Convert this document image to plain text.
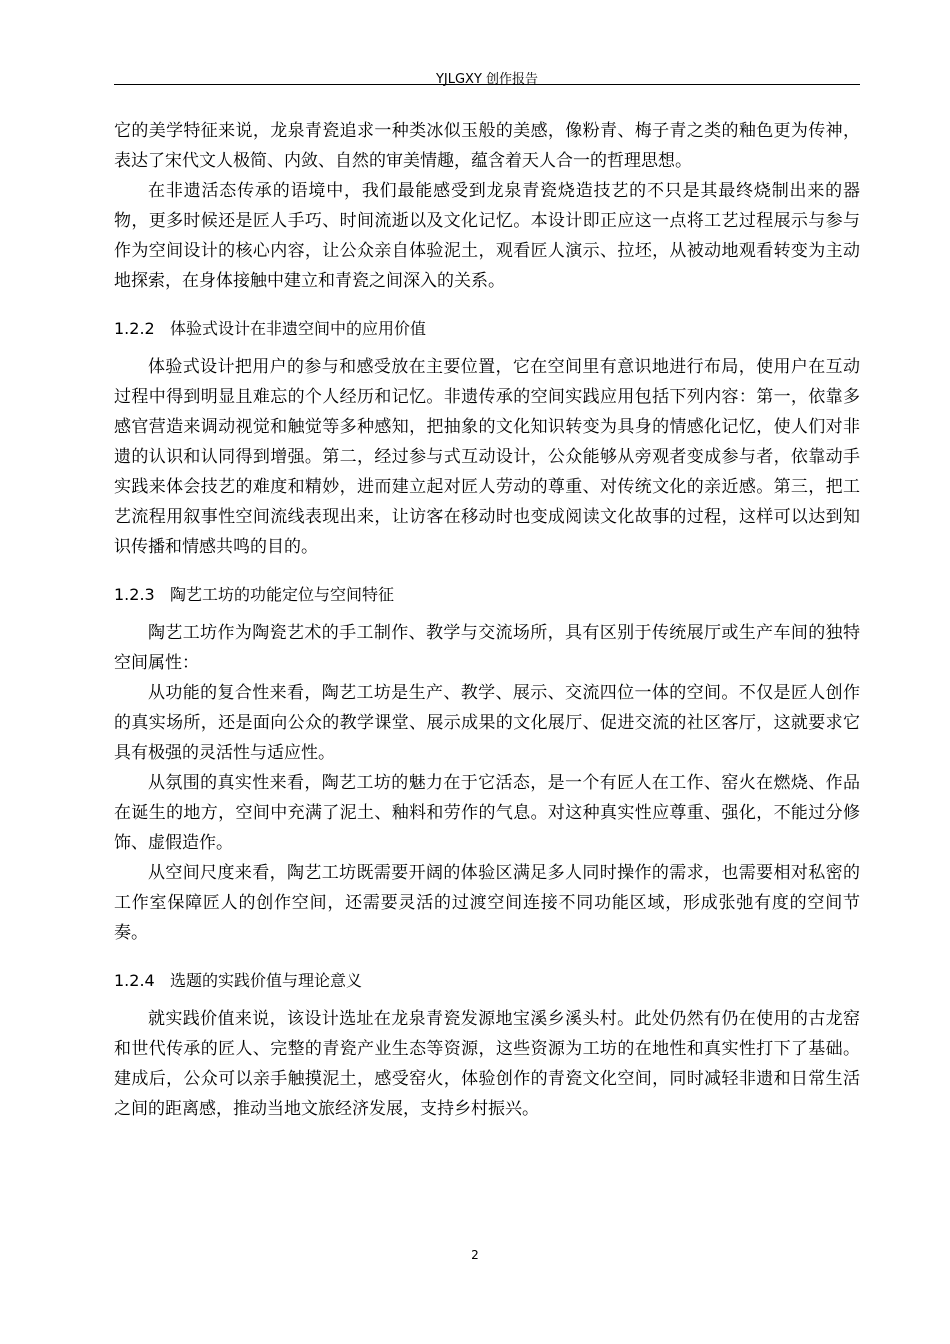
YJLGXY 创作报告

它的美学特征来说，龙泉青瓷追求一种类冰似玉般的美感，像粉青、梅子青之类的釉色更为传神，表达了宋代文人极简、内敛、自然的审美情趣，蕴含着天人合一的哲理思想。

在非遗活态传承的语境中，我们最能感受到龙泉青瓷烧造技艺的不只是其最终烧制出来的器物，更多时候还是匠人手巧、时间流逝以及文化记忆。本设计即正应这一点将工艺过程展示与参与作为空间设计的核心内容，让公众亲自体验泥土，观看匠人演示、拉坯，从被动地观看转变为主动地探索，在身体接触中建立和青瓷之间深入的关系。

1.2.2 体验式设计在非遗空间中的应用价值

体验式设计把用户的参与和感受放在主要位置，它在空间里有意识地进行布局，使用户在互动过程中得到明显且难忘的个人经历和记忆。非遗传承的空间实践应用包括下列内容：第一，依靠多感官营造来调动视觉和触觉等多种感知，把抽象的文化知识转变为具身的情感化记忆，使人们对非遗的认识和认同得到增强。第二，经过参与式互动设计，公众能够从旁观者变成参与者，依靠动手实践来体会技艺的难度和精妙，进而建立起对匠人劳动的尊重、对传统文化的亲近感。第三，把工艺流程用叙事性空间流线表现出来，让访客在移动时也变成阅读文化故事的过程，这样可以达到知识传播和情感共鸣的目的。

1.2.3 陶艺工坊的功能定位与空间特征

陶艺工坊作为陶瓷艺术的手工制作、教学与交流场所，具有区别于传统展厅或生产车间的独特空间属性：

从功能的复合性来看，陶艺工坊是生产、教学、展示、交流四位一体的空间。不仅是匠人创作的真实场所，还是面向公众的教学课堂、展示成果的文化展厅、促进交流的社区客厅，这就要求它具有极强的灵活性与适应性。

从氛围的真实性来看，陶艺工坊的魅力在于它活态，是一个有匠人在工作、窑火在燃烧、作品在诞生的地方，空间中充满了泥土、釉料和劳作的气息。对这种真实性应尊重、强化，不能过分修饰、虚假造作。

从空间尺度来看，陶艺工坊既需要开阔的体验区满足多人同时操作的需求，也需要相对私密的工作室保障匠人的创作空间，还需要灵活的过渡空间连接不同功能区域，形成张弛有度的空间节奏。

1.2.4 选题的实践价值与理论意义

就实践价值来说，该设计选址在龙泉青瓷发源地宝溪乡溪头村。此处仍然有仍在使用的古龙窑和世代传承的匠人、完整的青瓷产业生态等资源，这些资源为工坊的在地性和真实性打下了基础。建成后，公众可以亲手触摸泥土，感受窑火，体验创作的青瓷文化空间，同时减轻非遗和日常生活之间的距离感，推动当地文旅经济发展，支持乡村振兴。

2
